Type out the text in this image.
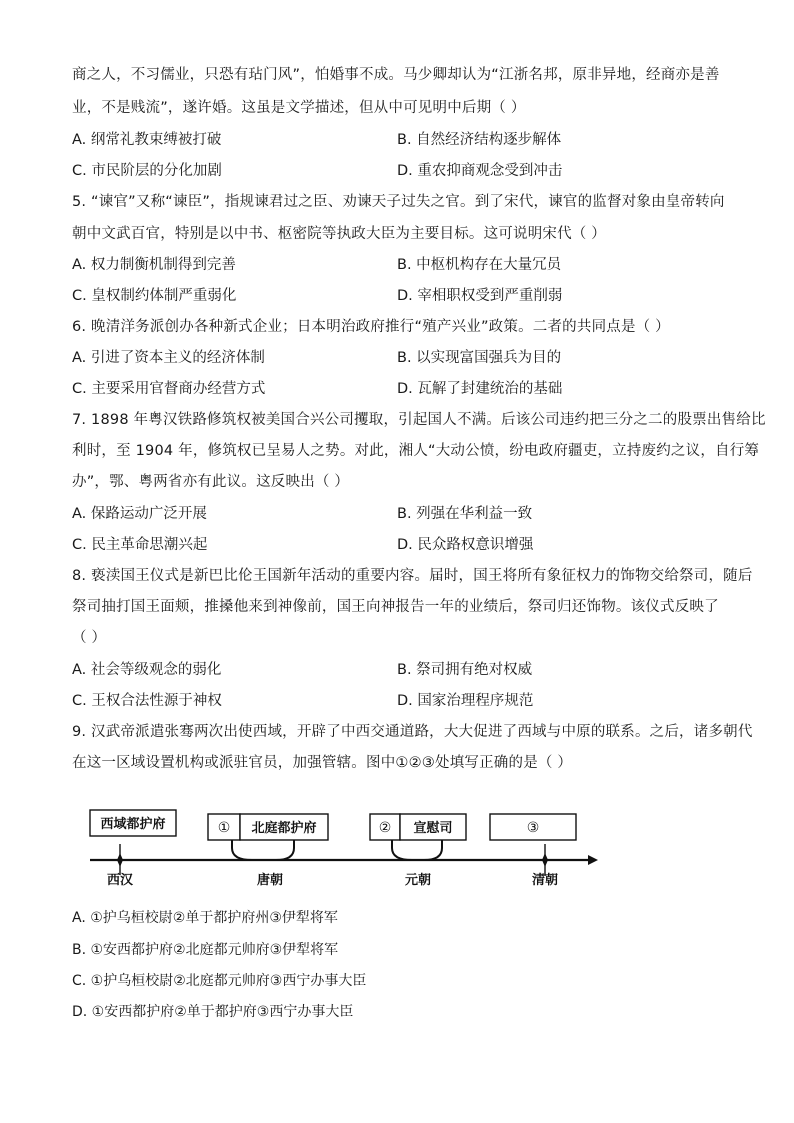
商之人，不习儒业，只恐有玷门风”，怕婚事不成。马少卿却认为“江浙名邦，原非异地，经商亦是善
业，不是贱流”，遂许婚。这虽是文学描述，但从中可见明中后期（ ）
A. 纲常礼教束缚被打破	B. 自然经济结构逐步解体
C. 市民阶层的分化加剧	D. 重农抑商观念受到冲击
5. “谏官”又称“谏臣”，指规谏君过之臣、劝谏天子过失之官。到了宋代，谏官的监督对象由皇帝转向
朝中文武百官，特别是以中书、枢密院等执政大臣为主要目标。这可说明宋代（ ）
A. 权力制衡机制得到完善	B. 中枢机构存在大量冗员
C. 皇权制约体制严重弱化	D. 宰相职权受到严重削弱
6. 晚清洋务派创办各种新式企业；日本明治政府推行“殖产兴业”政策。二者的共同点是（ ）
A. 引进了资本主义的经济体制	B. 以实现富国强兵为目的
C. 主要采用官督商办经营方式	D. 瓦解了封建统治的基础
7. 1898 年粤汉铁路修筑权被美国合兴公司攫取，引起国人不满。后该公司违约把三分之二的股票出售给比
利时，至 1904 年，修筑权已呈易人之势。对此，湘人“大动公愤，纷电政府疆吏，立持废约之议，自行筹
办”，鄂、粤两省亦有此议。这反映出（ ）
A. 保路运动广泛开展	B. 列强在华利益一致
C. 民主革命思潮兴起	D. 民众路权意识增强
8. 亵渎国王仪式是新巴比伦王国新年活动的重要内容。届时，国王将所有象征权力的饰物交给祭司，随后
祭司抽打国王面颊，推搡他来到神像前，国王向神报告一年的业绩后，祭司归还饰物。该仪式反映了
（ ）
A. 社会等级观念的弱化	B. 祭司拥有绝对权威
C. 王权合法性源于神权	D. 国家治理程序规范
9. 汉武帝派遣张骞两次出使西域，开辟了中西交通道路，大大促进了西域与中原的联系。之后，诸多朝代
在这一区域设置机构或派驻官员，加强管辖。图中①②③处填写正确的是（ ）
西域都护府	① 北庭都护府	② 宣慰司	③
西汉	唐朝	元朝	清朝
A. ①护乌桓校尉②单于都护府州③伊犁将军
B. ①安西都护府②北庭都元帅府③伊犁将军
C. ①护乌桓校尉②北庭都元帅府③西宁办事大臣
D. ①安西都护府②单于都护府③西宁办事大臣
